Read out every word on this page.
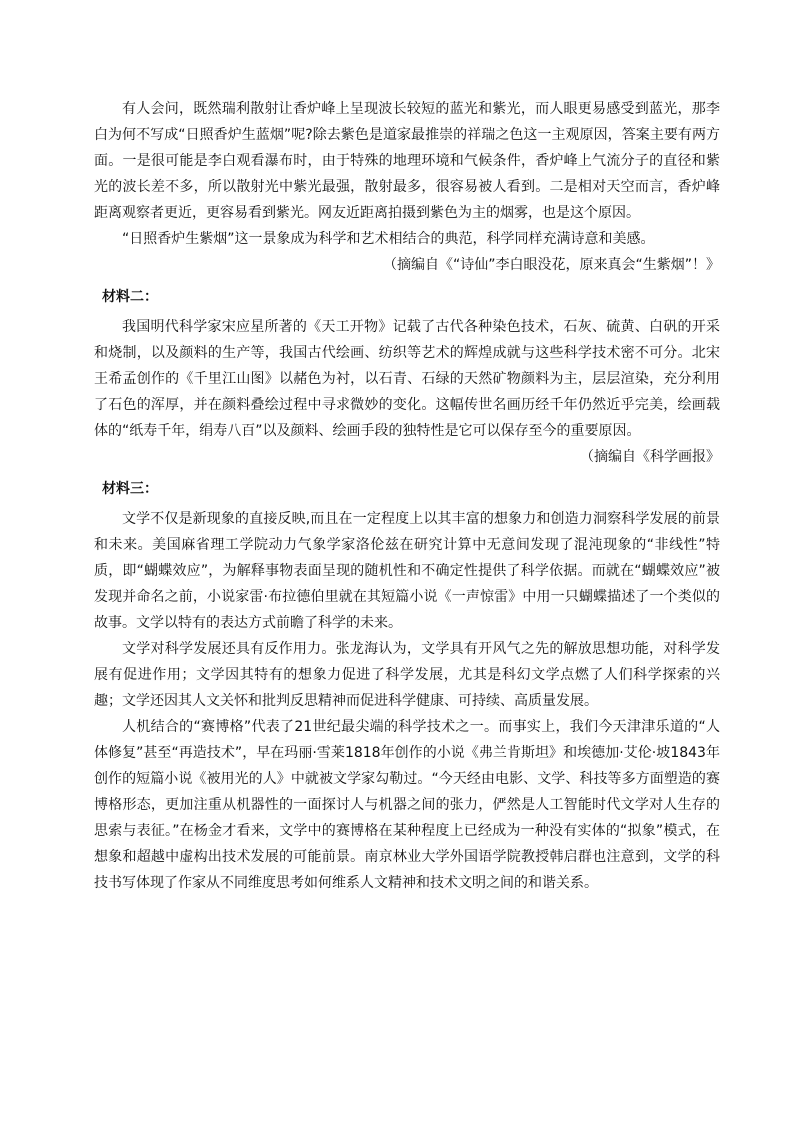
有人会问，既然瑞利散射让香炉峰上呈现波长较短的蓝光和紫光，而人眼更易感受到蓝光，那李白为何不写成“日照香炉生蓝烟”呢?除去紫色是道家最推崇的祥瑞之色这一主观原因，答案主要有两方面。一是很可能是李白观看瀑布时，由于特殊的地理环境和气候条件，香炉峰上气流分子的直径和紫光的波长差不多，所以散射光中紫光最强，散射最多，很容易被人看到。二是相对天空而言，香炉峰距离观察者更近，更容易看到紫光。网友近距离拍摄到紫色为主的烟雾，也是这个原因。

“日照香炉生紫烟”这一景象成为科学和艺术相结合的典范，科学同样充满诗意和美感。

（摘编自《“诗仙”李白眼没花，原来真会“生紫烟”！》

材料二：

我国明代科学家宋应星所著的《天工开物》记载了古代各种染色技术，石灰、硫黄、白矾的开采和烧制，以及颜料的生产等，我国古代绘画、纺织等艺术的辉煌成就与这些科学技术密不可分。北宋王希孟创作的《千里江山图》以赭色为衬，以石青、石绿的天然矿物颜料为主，层层渲染，充分利用了石色的浑厚，并在颜料叠绘过程中寻求微妙的变化。这幅传世名画历经千年仍然近乎完美，绘画载体的“纸寿千年，绢寿八百”以及颜料、绘画手段的独特性是它可以保存至今的重要原因。

（摘编自《科学画报》

材料三：

文学不仅是新现象的直接反映,而且在一定程度上以其丰富的想象力和创造力洞察科学发展的前景和未来。美国麻省理工学院动力气象学家洛伦兹在研究计算中无意间发现了混沌现象的“非线性”特质，即“蝴蝶效应”，为解释事物表面呈现的随机性和不确定性提供了科学依据。而就在“蝴蝶效应”被发现并命名之前，小说家雷·布拉德伯里就在其短篇小说《一声惊雷》中用一只蝴蝶描述了一个类似的故事。文学以特有的表达方式前瞻了科学的未来。

文学对科学发展还具有反作用力。张龙海认为，文学具有开风气之先的解放思想功能，对科学发展有促进作用；文学因其特有的想象力促进了科学发展，尤其是科幻文学点燃了人们科学探索的兴趣；文学还因其人文关怀和批判反思精神而促进科学健康、可持续、高质量发展。

人机结合的“赛博格”代表了21世纪最尖端的科学技术之一。而事实上，我们今天津津乐道的“人体修复”甚至“再造技术”，早在玛丽·雪莱1818年创作的小说《弗兰肯斯坦》和埃德加·艾伦·坡1843年创作的短篇小说《被用光的人》中就被文学家勾勒过。“今天经由电影、文学、科技等多方面塑造的赛博格形态，更加注重从机器性的一面探讨人与机器之间的张力，俨然是人工智能时代文学对人生存的思索与表征。”在杨金才看来，文学中的赛博格在某种程度上已经成为一种没有实体的“拟象”模式，在想象和超越中虚构出技术发展的可能前景。南京林业大学外国语学院教授韩启群也注意到，文学的科技书写体现了作家从不同维度思考如何维系人文精神和技术文明之间的和谐关系。
